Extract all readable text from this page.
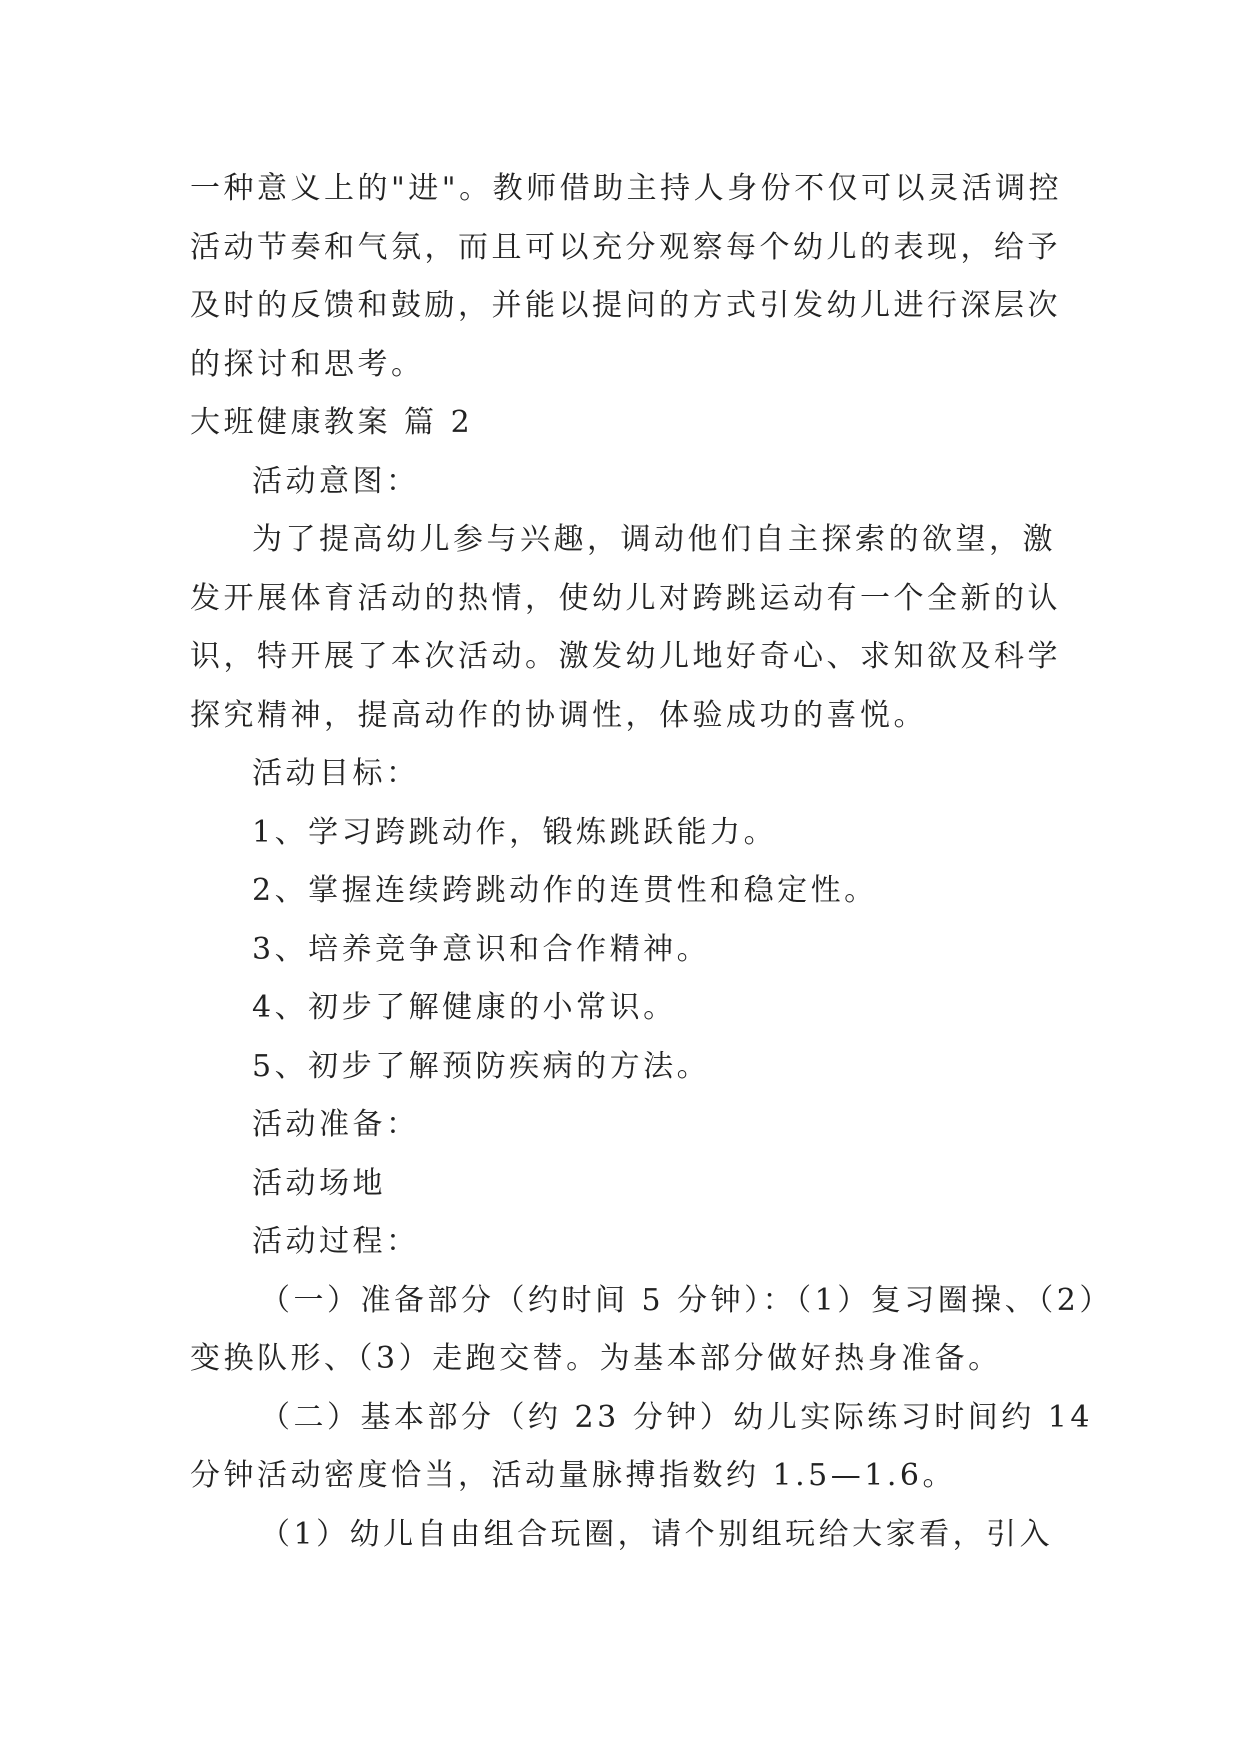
一种意义上的"进"。教师借助主持人身份不仅可以灵活调控
活动节奏和气氛，而且可以充分观察每个幼儿的表现，给予
及时的反馈和鼓励，并能以提问的方式引发幼儿进行深层次
的探讨和思考。
大班健康教案 篇 2
活动意图：
为了提高幼儿参与兴趣，调动他们自主探索的欲望，激
发开展体育活动的热情，使幼儿对跨跳运动有一个全新的认
识，特开展了本次活动。激发幼儿地好奇心、求知欲及科学
探究精神，提高动作的协调性，体验成功的喜悦。
活动目标：
1、学习跨跳动作，锻炼跳跃能力。
2、掌握连续跨跳动作的连贯性和稳定性。
3、培养竞争意识和合作精神。
4、初步了解健康的小常识。
5、初步了解预防疾病的方法。
活动准备：
活动场地
活动过程：
（一）准备部分（约时间 5 分钟）：（1）复习圈操、（2）
变换队形、（3）走跑交替。为基本部分做好热身准备。
（二）基本部分（约 23 分钟）幼儿实际练习时间约 14
分钟活动密度恰当，活动量脉搏指数约 1.5—1.6。
（1）幼儿自由组合玩圈，请个别组玩给大家看，引入
